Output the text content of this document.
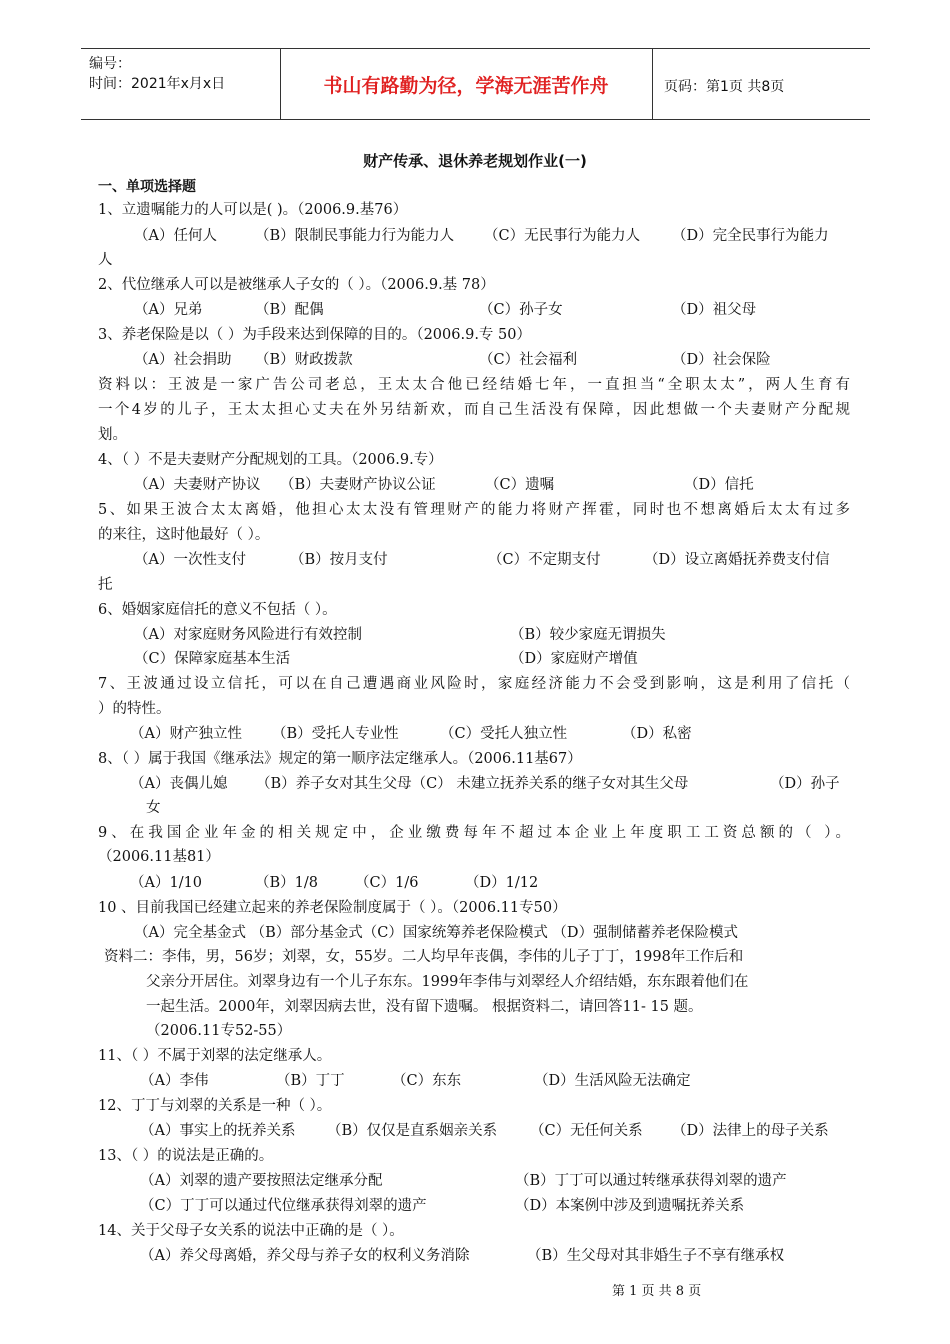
编号：
时间：2021年x月x日	书山有路勤为径，学海无涯苦作舟	页码：第1页 共8页
财产传承、退休养老规划作业(一)
一、单项选择题
1、立遗嘱能力的人可以是( )。（2006.9.基76）
（A）任何人	（B）限制民事能力行为能力人 （C）无民事行为能力人 （D）完全民事行为能力
人
2、代位继承人可以是被继承人子女的（ ）。（2006.9.基 78）
（A）兄弟	（B）配偶	（C）孙子女	（D）祖父母
3、养老保险是以（ ）为手段来达到保障的目的。（2006.9.专 50）
（A）社会捐助 （B）财政拨款	（C）社会福利	（D）社会保险
资料以：王波是一家广告公司老总，王太太合他已经结婚七年，一直担当“全职太太”，两人生育有
一个4岁的儿子，王太太担心丈夫在外另结新欢，而自己生活没有保障，因此想做一个夫妻财产分配规
划。
4、（ ）不是夫妻财产分配规划的工具。（2006.9.专）
（A）夫妻财产协议 （B）夫妻财产协议公证	（C）遗嘱	（D）信托
5、如果王波合太太离婚，他担心太太没有管理财产的能力将财产挥霍，同时也不想离婚后太太有过多
的来往，这时他最好（ ）。
（A）一次性支付	（B）按月支付	（C）不定期支付	（D）设立离婚抚养费支付信
托
6、婚姻家庭信托的意义不包括（ ）。
（A）对家庭财务风险进行有效控制	（B）较少家庭无谓损失
（C）保障家庭基本生活	（D）家庭财产增值
7、王波通过设立信托，可以在自己遭遇商业风险时，家庭经济能力不会受到影响，这是利用了信托（
）的特性。
（A）财产独立性 （B）受托人专业性	（C）受托人独立性	（D）私密
8、（ ）属于我国《继承法》规定的第一顺序法定继承人。（2006.11基67）
（A）丧偶儿媳 （B）养子女对其生父母（C） 未建立抚养关系的继子女对其生父母	（D）孙子
女
9、在我国企业年金的相关规定中，企业缴费每年不超过本企业上年度职工工资总额的（ ）。
（2006.11基81）
（A）1/10	（B）1/8	（C）1/6	（D）1/12
10 、目前我国已经建立起来的养老保险制度属于（ ）。（2006.11专50）
（A）完全基金式 （B）部分基金式（C）国家统筹养老保险模式 （D）强制储蓄养老保险模式
资料二：李伟，男，56岁；刘翠，女，55岁。二人均早年丧偶，李伟的儿子丁丁，1998年工作后和
父亲分开居住。刘翠身边有一个儿子东东。1999年李伟与刘翠经人介绍结婚，东东跟着他们在
一起生活。2000年，刘翠因病去世，没有留下遗嘱。 根据资料二，请回答11- 15 题。
（2006.11专52-55）
11、（ ）不属于刘翠的法定继承人。
（A）李伟	（B）丁丁	（C）东东	（D）生活风险无法确定
12、丁丁与刘翠的关系是一种（ ）。
（A）事实上的抚养关系 （B）仅仅是直系姻亲关系 （C）无任何关系 （D）法律上的母子关系
13、（ ）的说法是正确的。
（A）刘翠的遗产要按照法定继承分配	（B）丁丁可以通过转继承获得刘翠的遗产
（C）丁丁可以通过代位继承获得刘翠的遗产	（D）本案例中涉及到遗嘱抚养关系
14、关于父母子女关系的说法中正确的是（ ）。
（A）养父母离婚，养父母与养子女的权利义务消除	（B）生父母对其非婚生子不享有继承权
第 1 页 共 8 页
